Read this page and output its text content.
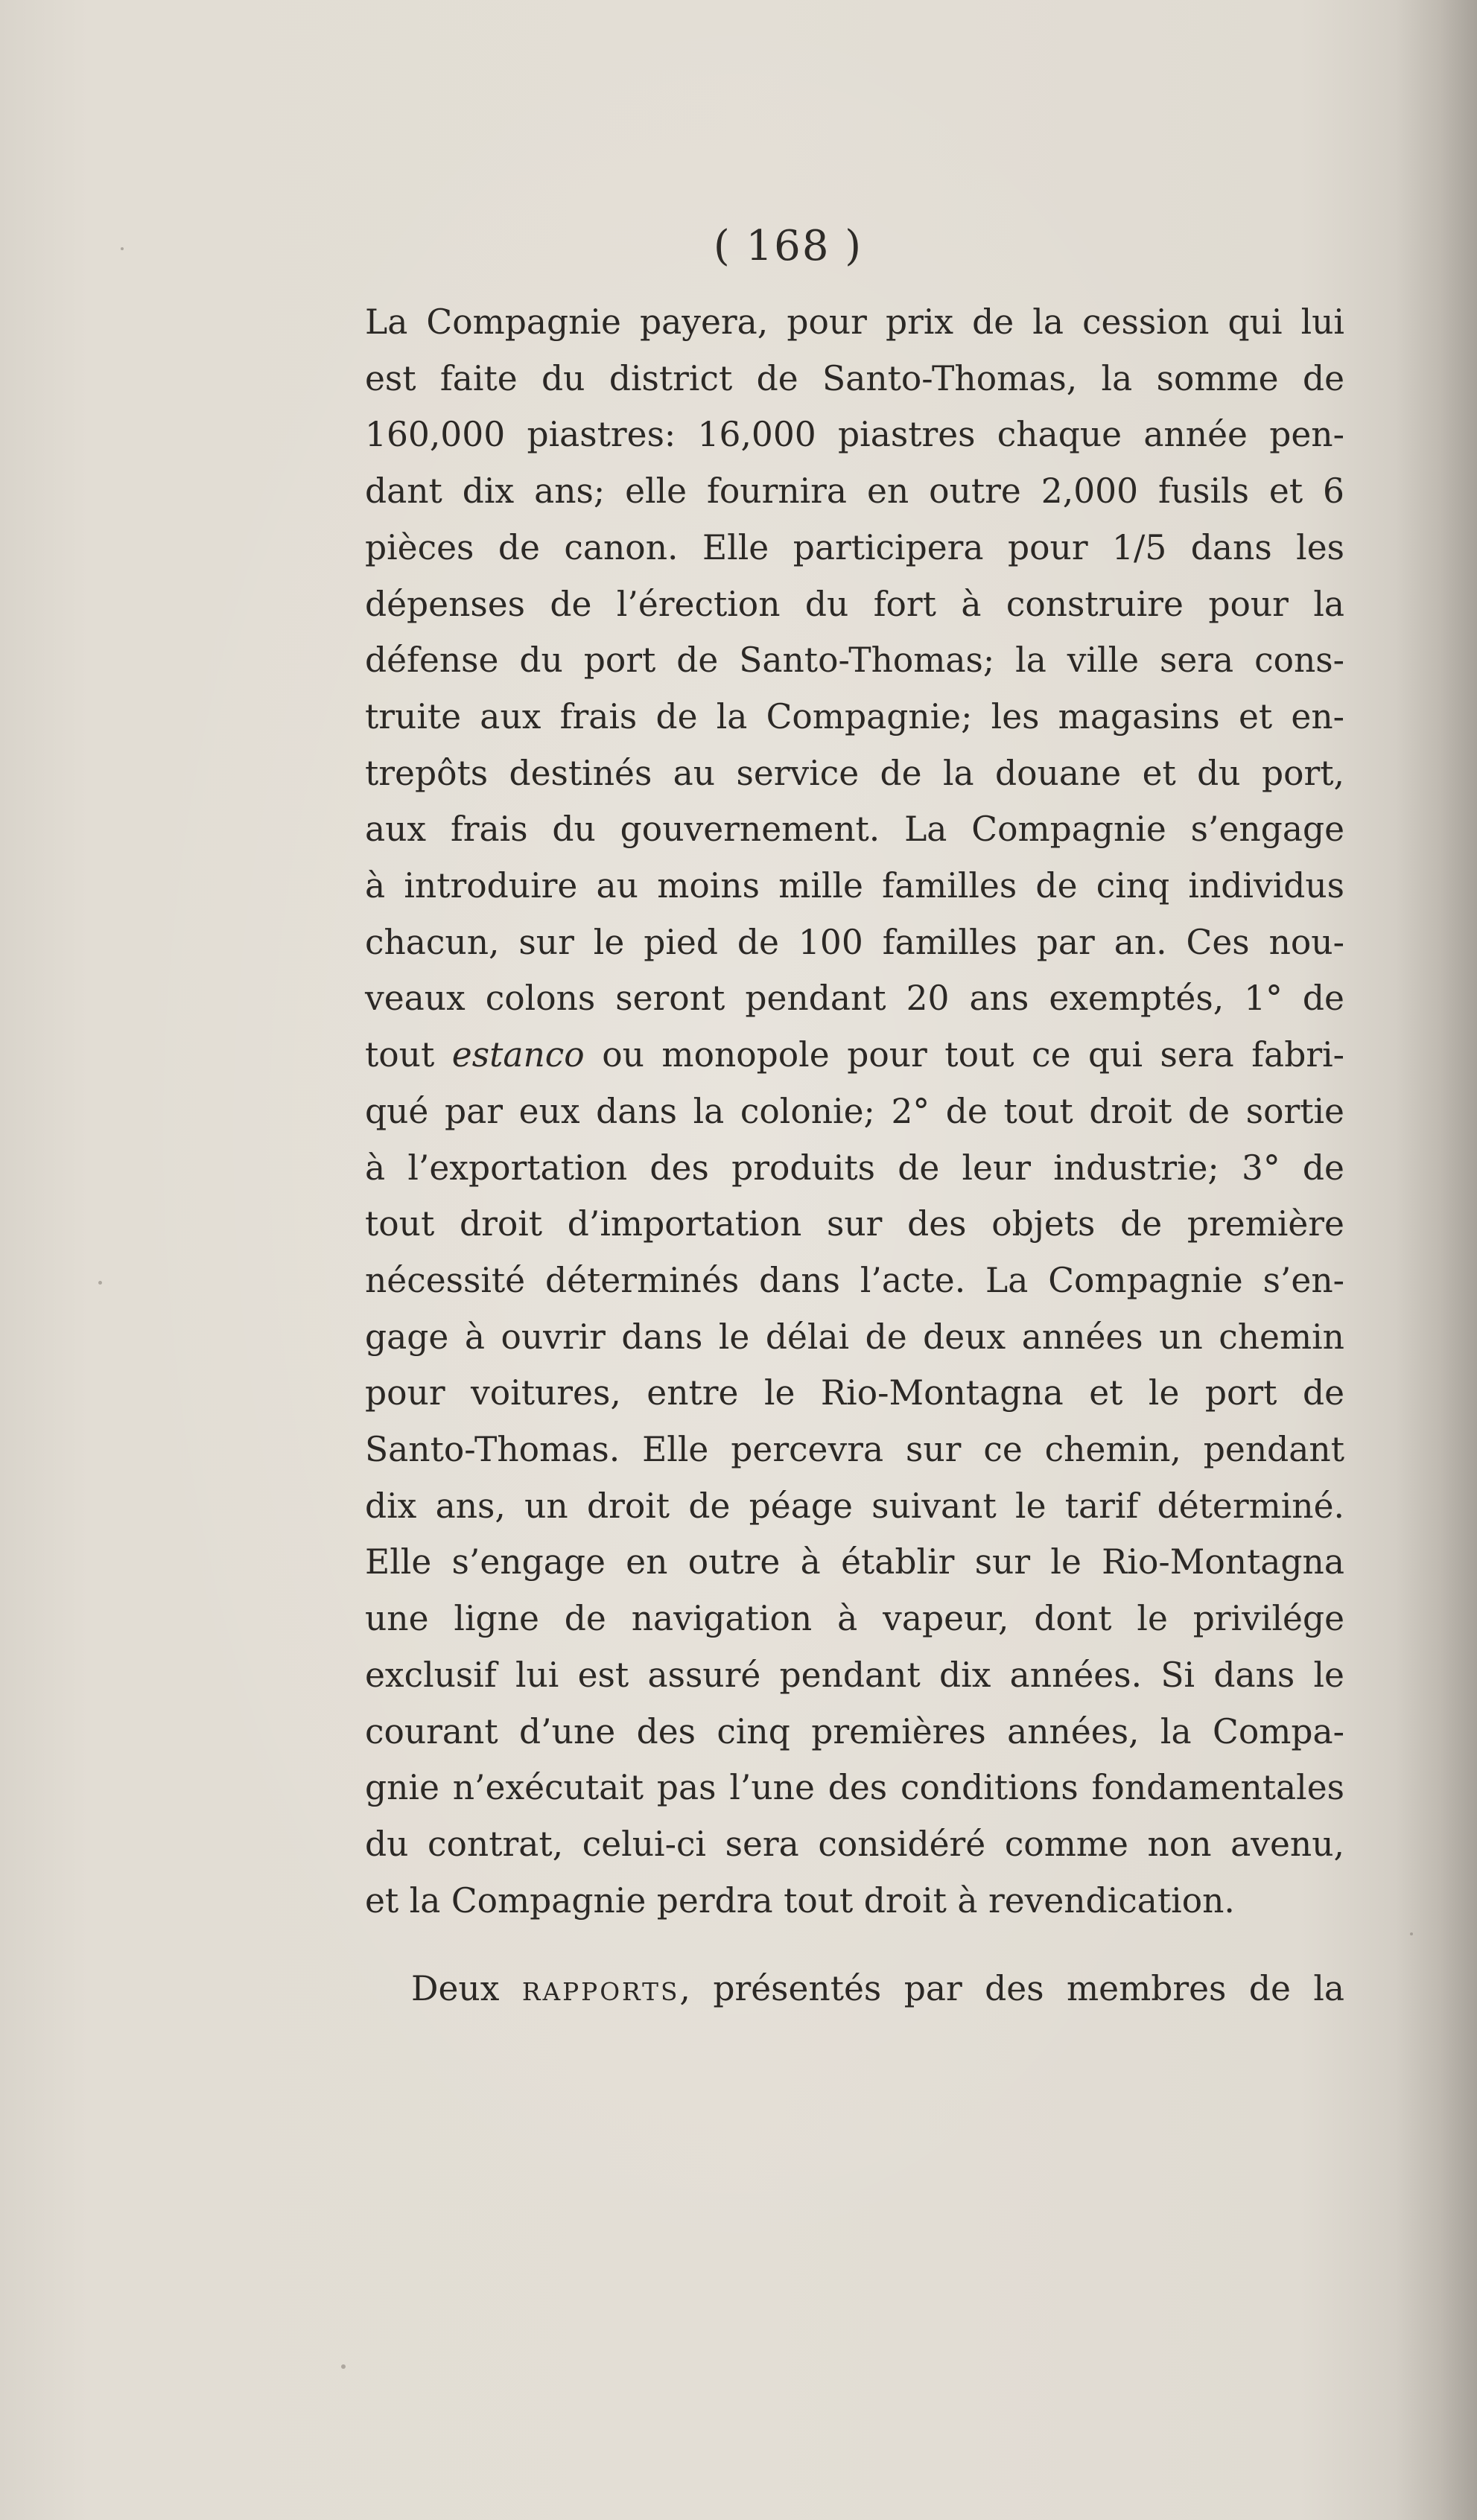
( 168 )
La Compagnie payera, pour prix de la cession qui lui
est faite du district de Santo-Thomas, la somme de
160,000 piastres: 16,000 piastres chaque année pen-
dant dix ans; elle fournira en outre 2,000 fusils et 6
pièces de canon. Elle participera pour 1/5 dans les
dépenses de l’érection du fort à construire pour la
défense du port de Santo-Thomas; la ville sera cons-
truite aux frais de la Compagnie; les magasins et en-
trepôts destinés au service de la douane et du port,
aux frais du gouvernement. La Compagnie s’engage
à introduire au moins mille familles de cinq individus
chacun, sur le pied de 100 familles par an. Ces nou-
veaux colons seront pendant 20 ans exemptés, 1° de
tout estanco ou monopole pour tout ce qui sera fabri-
qué par eux dans la colonie; 2° de tout droit de sortie
à l’exportation des produits de leur industrie; 3° de
tout droit d’importation sur des objets de première
nécessité déterminés dans l’acte. La Compagnie s’en-
gage à ouvrir dans le délai de deux années un chemin
pour voitures, entre le Rio-Montagna et le port de
Santo-Thomas. Elle percevra sur ce chemin, pendant
dix ans, un droit de péage suivant le tarif déterminé.
Elle s’engage en outre à établir sur le Rio-Montagna
une ligne de navigation à vapeur, dont le privilége
exclusif lui est assuré pendant dix années. Si dans le
courant d’une des cinq premières années, la Compa-
gnie n’exécutait pas l’une des conditions fondamentales
du contrat, celui-ci sera considéré comme non avenu,
et la Compagnie perdra tout droit à revendication.
Deux RAPPORTS, présentés par des membres de la
